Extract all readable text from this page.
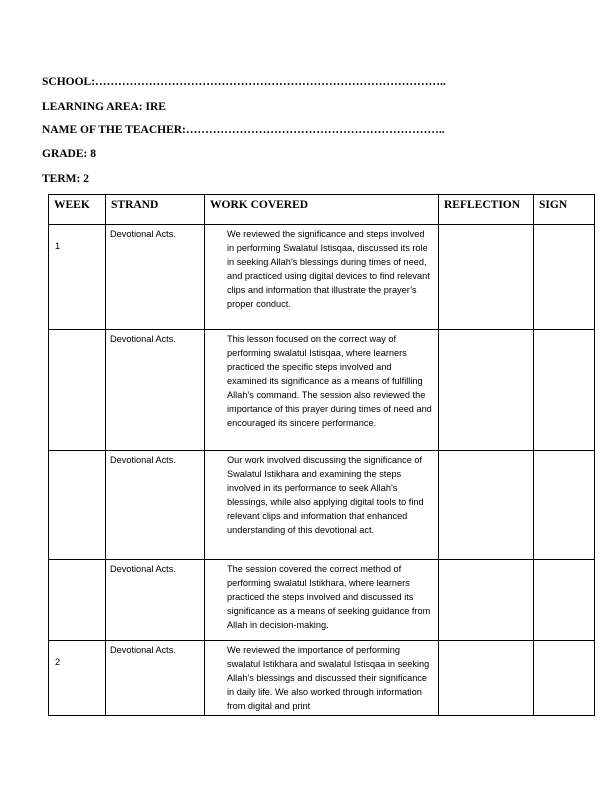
SCHOOL:………………………………………………………………………………..
LEARNING AREA: IRE
NAME OF THE TEACHER:…………………………………………………………..
GRADE: 8
TERM: 2
WEEK	STRAND	WORK COVERED	REFLECTION	SIGN
1	Devotional Acts.	We reviewed the significance and steps involved in performing Swalatul Istisqaa, discussed its role in seeking Allah’s blessings during times of need, and practiced using digital devices to find relevant clips and information that illustrate the prayer’s proper conduct.		
	Devotional Acts.	This lesson focused on the correct way of performing swalatul Istisqaa, where learners practiced the specific steps involved and examined its significance as a means of fulfilling Allah’s command. The session also reviewed the importance of this prayer during times of need and encouraged its sincere performance.		
	Devotional Acts.	Our work involved discussing the significance of Swalatul Istikhara and examining the steps involved in its performance to seek Allah’s blessings, while also applying digital tools to find relevant clips and information that enhanced understanding of this devotional act.		
	Devotional Acts.	The session covered the correct method of performing swalatul Istikhara, where learners practiced the steps involved and discussed its significance as a means of seeking guidance from Allah in decision-making.		
2	Devotional Acts.	We reviewed the importance of performing swalatul Istikhara and swalatul Istisqaa in seeking Allah’s blessings and discussed their significance in daily life. We also worked through information from digital and print		
